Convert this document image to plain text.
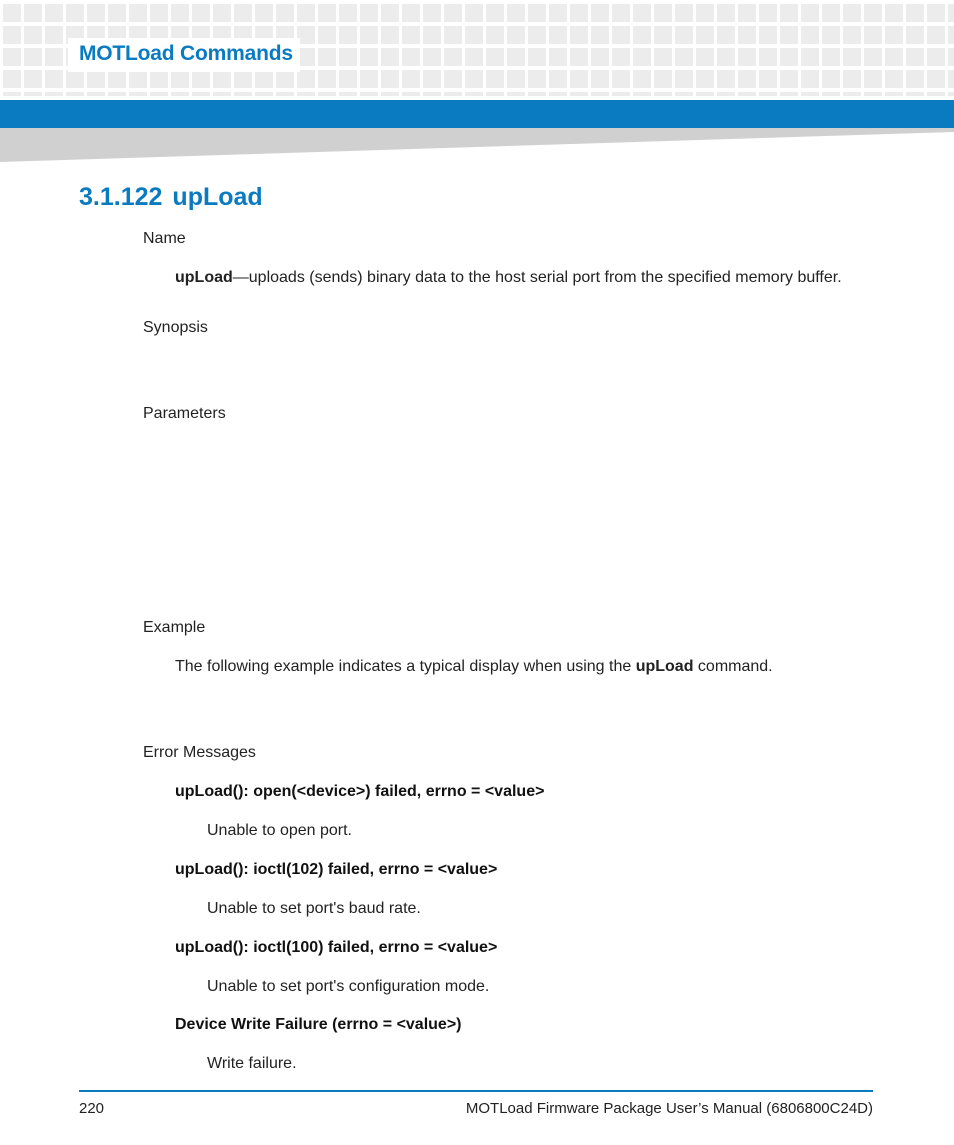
MOTLoad Commands
3.1.122 upLoad
Name
upLoad—uploads (sends) binary data to the host serial port from the specified memory buffer.
Synopsis
Parameters
Example
The following example indicates a typical display when using the upLoad command.
Error Messages
upLoad(): open(<device>) failed, errno = <value>
Unable to open port.
upLoad(): ioctl(102) failed, errno = <value>
Unable to set port's baud rate.
upLoad(): ioctl(100) failed, errno = <value>
Unable to set port's configuration mode.
Device Write Failure (errno = <value>)
Write failure.
220	MOTLoad Firmware Package User’s Manual (6806800C24D)
